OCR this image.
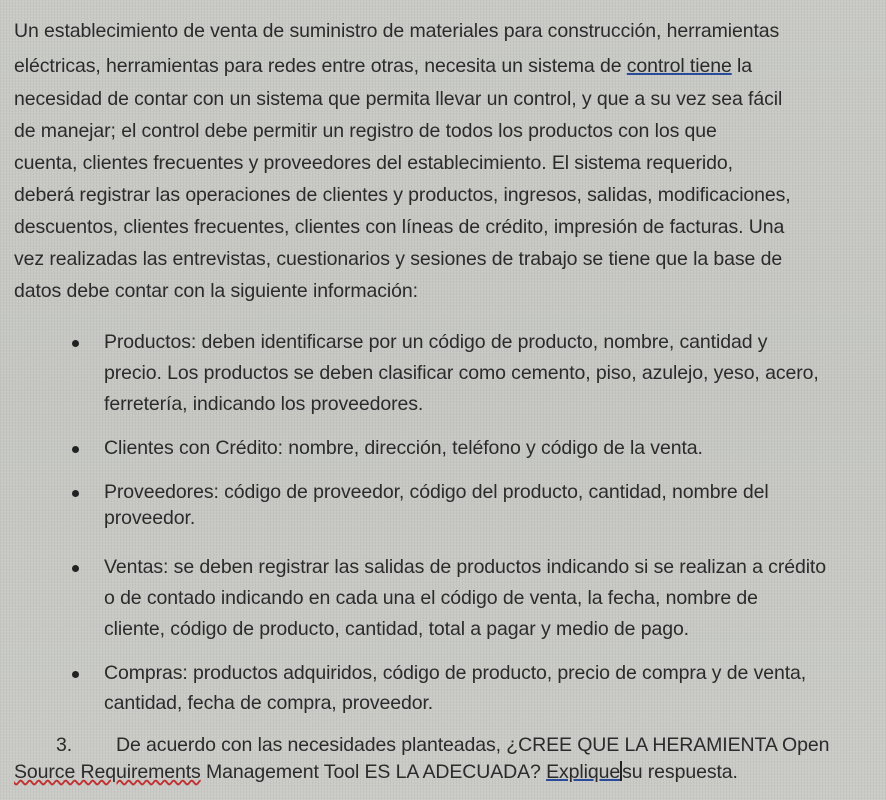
Un establecimiento de venta de suministro de materiales para construcción, herramientas
eléctricas, herramientas para redes entre otras, necesita un sistema de control tiene la
necesidad de contar con un sistema que permita llevar un control, y que a su vez sea fácil
de manejar; el control debe permitir un registro de todos los productos con los que
cuenta, clientes frecuentes y proveedores del establecimiento. El sistema requerido,
deberá registrar las operaciones de clientes y productos, ingresos, salidas, modificaciones,
descuentos, clientes frecuentes, clientes con líneas de crédito, impresión de facturas. Una
vez realizadas las entrevistas, cuestionarios y sesiones de trabajo se tiene que la base de
datos debe contar con la siguiente información:
Productos: deben identificarse por un código de producto, nombre, cantidad y
precio. Los productos se deben clasificar como cemento, piso, azulejo, yeso, acero,
ferretería, indicando los proveedores.
Clientes con Crédito: nombre, dirección, teléfono y código de la venta.
Proveedores: código de proveedor, código del producto, cantidad, nombre del
proveedor.
Ventas: se deben registrar las salidas de productos indicando si se realizan a crédito
o de contado indicando en cada una el código de venta, la fecha, nombre de
cliente, código de producto, cantidad, total a pagar y medio de pago.
Compras: productos adquiridos, código de producto, precio de compra y de venta,
cantidad, fecha de compra, proveedor.
3. De acuerdo con las necesidades planteadas, ¿CREE QUE LA HERAMIENTA Open
Source Requirements Management Tool ES LA ADECUADA? Explique su respuesta.
